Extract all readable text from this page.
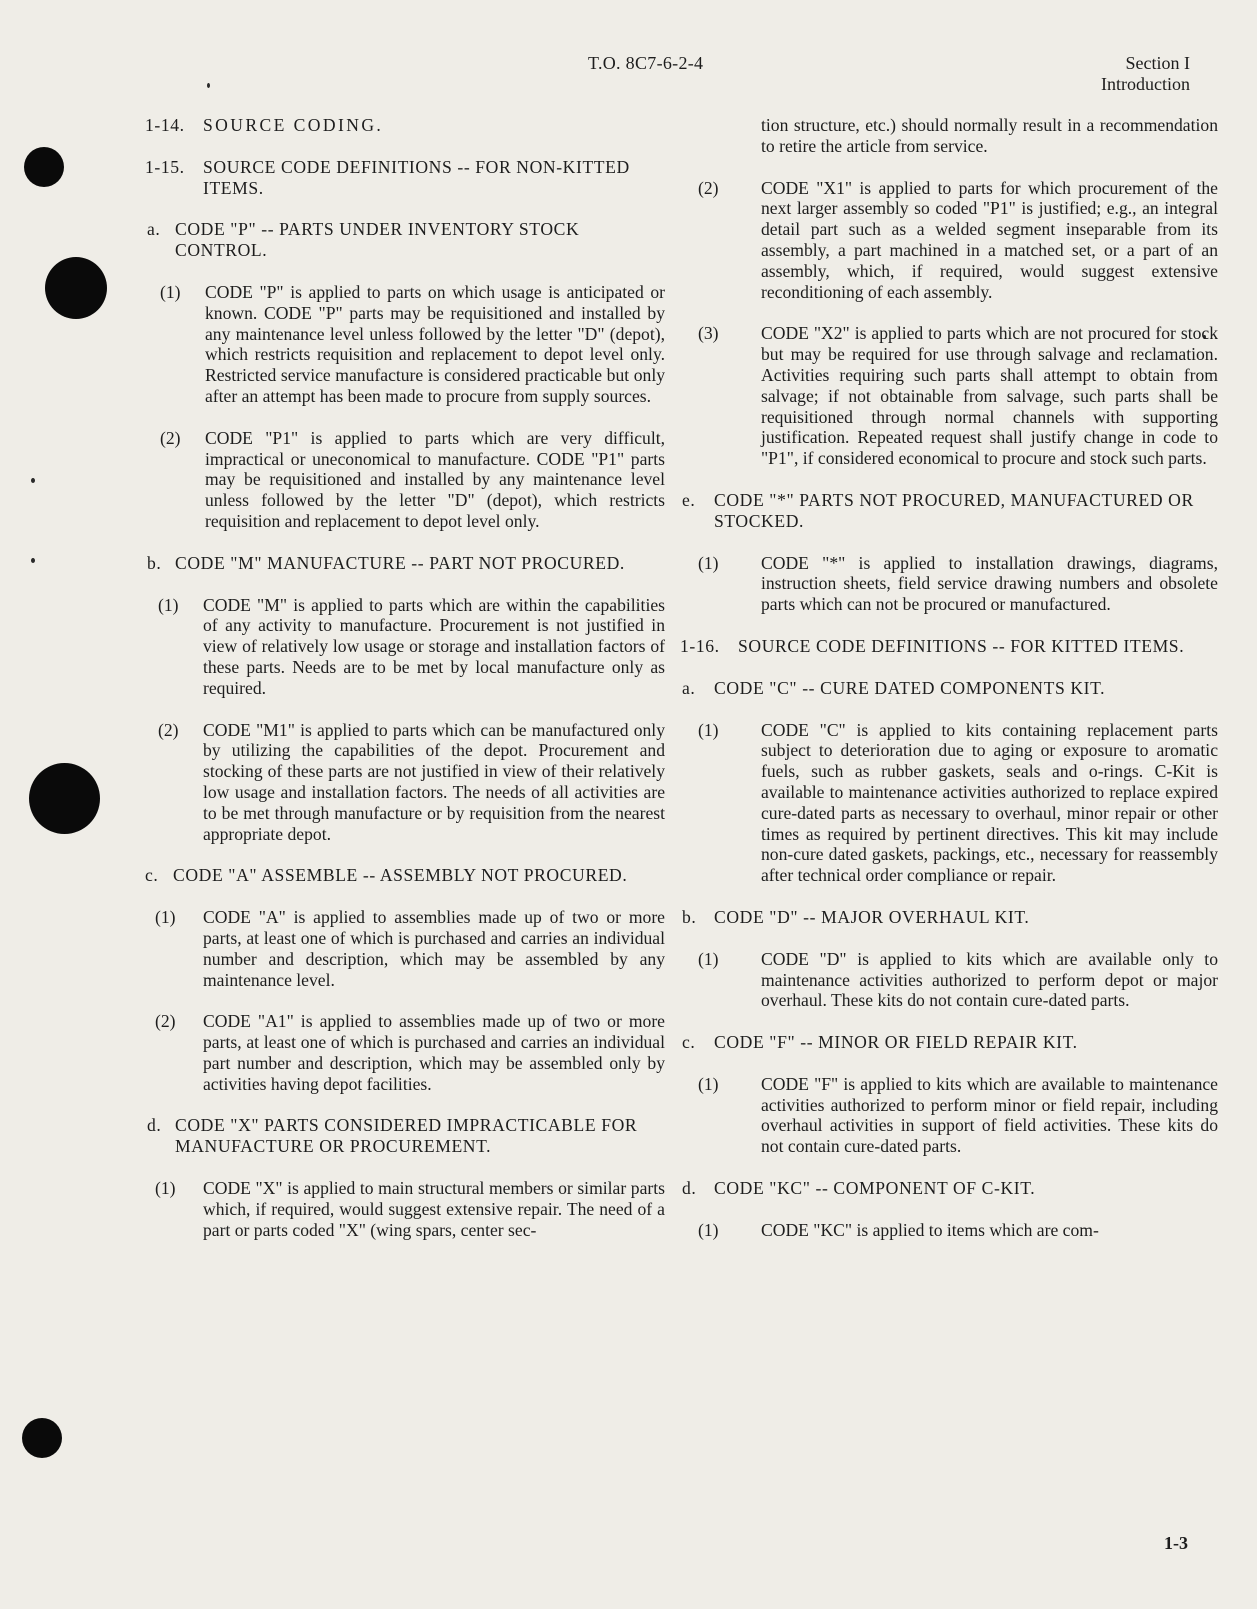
T.O. 8C7-6-2-4	Section I
Introduction
1-14.	SOURCE CODING.
1-15.	SOURCE CODE DEFINITIONS -- FOR NON-KITTED ITEMS.
a. CODE "P" -- PARTS UNDER INVENTORY STOCK CONTROL.
(1)	CODE "P" is applied to parts on which usage is anticipated or known. CODE "P" parts may be requisitioned and installed by any maintenance level unless followed by the letter "D" (depot), which restricts requisition and replacement to depot level only. Restricted service manufacture is considered practicable but only after an attempt has been made to procure from supply sources.
(2)	CODE "P1" is applied to parts which are very difficult, impractical or uneconomical to manufacture. CODE "P1" parts may be requisitioned and installed by any maintenance level unless followed by the letter "D" (depot), which restricts requisition and replacement to depot level only.
b. CODE "M" MANUFACTURE -- PART NOT PROCURED.
(1)	CODE "M" is applied to parts which are within the capabilities of any activity to manufacture. Procurement is not justified in view of relatively low usage or storage and installation factors of these parts. Needs are to be met by local manufacture only as required.
(2)	CODE "M1" is applied to parts which can be manufactured only by utilizing the capabilities of the depot. Procurement and stocking of these parts are not justified in view of their relatively low usage and installation factors. The needs of all activities are to be met through manufacture or by requisition from the nearest appropriate depot.
c. CODE "A" ASSEMBLE -- ASSEMBLY NOT PROCURED.
(1)	CODE "A" is applied to assemblies made up of two or more parts, at least one of which is purchased and carries an individual number and description, which may be assembled by any maintenance level.
(2)	CODE "A1" is applied to assemblies made up of two or more parts, at least one of which is purchased and carries an individual part number and description, which may be assembled only by activities having depot facilities.
d. CODE "X" PARTS CONSIDERED IMPRACTICABLE FOR MANUFACTURE OR PROCUREMENT.
(1)	CODE "X" is applied to main structural members or similar parts which, if required, would suggest extensive repair. The need of a part or parts coded "X" (wing spars, center sec-
tion structure, etc.) should normally result in a recommendation to retire the article from service.
(2)	CODE "X1" is applied to parts for which procurement of the next larger assembly so coded "P1" is justified; e.g., an integral detail part such as a welded segment inseparable from its assembly, a part machined in a matched set, or a part of an assembly, which, if required, would suggest extensive reconditioning of each assembly.
(3)	CODE "X2" is applied to parts which are not procured for stock but may be required for use through salvage and reclamation. Activities requiring such parts shall attempt to obtain from salvage; if not obtainable from salvage, such parts shall be requisitioned through normal channels with supporting justification. Repeated request shall justify change in code to "P1", if considered economical to procure and stock such parts.
e.	CODE "*" PARTS NOT PROCURED, MANUFACTURED OR STOCKED.
(1)	CODE "*" is applied to installation drawings, diagrams, instruction sheets, field service drawing numbers and obsolete parts which can not be procured or manufactured.
1-16.	SOURCE CODE DEFINITIONS -- FOR KITTED ITEMS.
a.	CODE "C" -- CURE DATED COMPONENTS KIT.
(1)	CODE "C" is applied to kits containing replacement parts subject to deterioration due to aging or exposure to aromatic fuels, such as rubber gaskets, seals and o-rings. C-Kit is available to maintenance activities authorized to replace expired cure-dated parts as necessary to overhaul, minor repair or other times as required by pertinent directives. This kit may include non-cure dated gaskets, packings, etc., necessary for reassembly after technical order compliance or repair.
b. CODE "D" -- MAJOR OVERHAUL KIT.
(1)	CODE "D" is applied to kits which are available only to maintenance activities authorized to perform depot or major overhaul. These kits do not contain cure-dated parts.
c.	CODE "F" -- MINOR OR FIELD REPAIR KIT.
(1)	CODE "F" is applied to kits which are available to maintenance activities authorized to perform minor or field repair, including overhaul activities in support of field activities. These kits do not contain cure-dated parts.
d. CODE "KC" -- COMPONENT OF C-KIT.
(1)	CODE "KC" is applied to items which are com-
1-3
